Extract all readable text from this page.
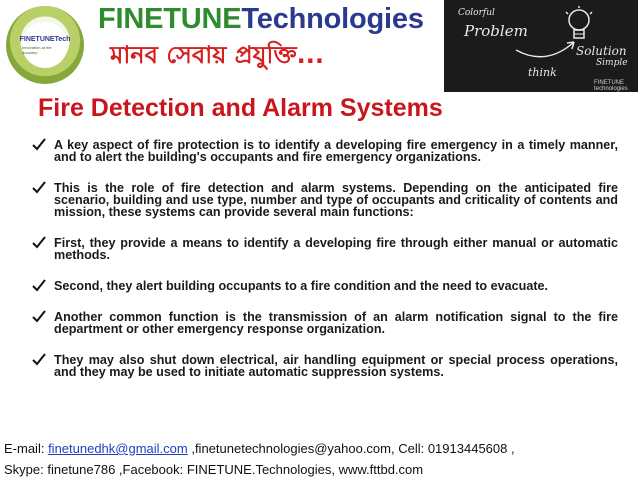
FINETUNETech
Innovation at the doorstep
FINETUNETechnologies
মানব সেবায় প্রযুক্তি...
Colorful
Problem
think
Solution
Simple
FINETUNE technologies
Fire Detection and Alarm Systems
A key aspect of fire protection is to identify a developing fire emergency in a timely manner, and to alert the building's occupants and fire emergency organizations.
This is the role of fire detection and alarm systems. Depending on the anticipated fire scenario, building and use type, number and type of occupants and criticality of contents and mission, these systems can provide several main functions:
First, they provide a means to identify a developing fire through either manual or automatic methods.
Second, they alert building occupants to a fire condition and the need to evacuate.
Another common function is the transmission of an alarm notification signal to the fire department or other emergency response organization.
They may also shut down electrical, air handling equipment or special process operations, and they may be used to initiate automatic suppression systems.
E-mail: finetunedhk@gmail.com ,finetunetechnologies@yahoo.com, Cell: 01913445608 ,
Skype: finetune786 ,Facebook: FINETUNE.Technologies, www.fttbd.com
